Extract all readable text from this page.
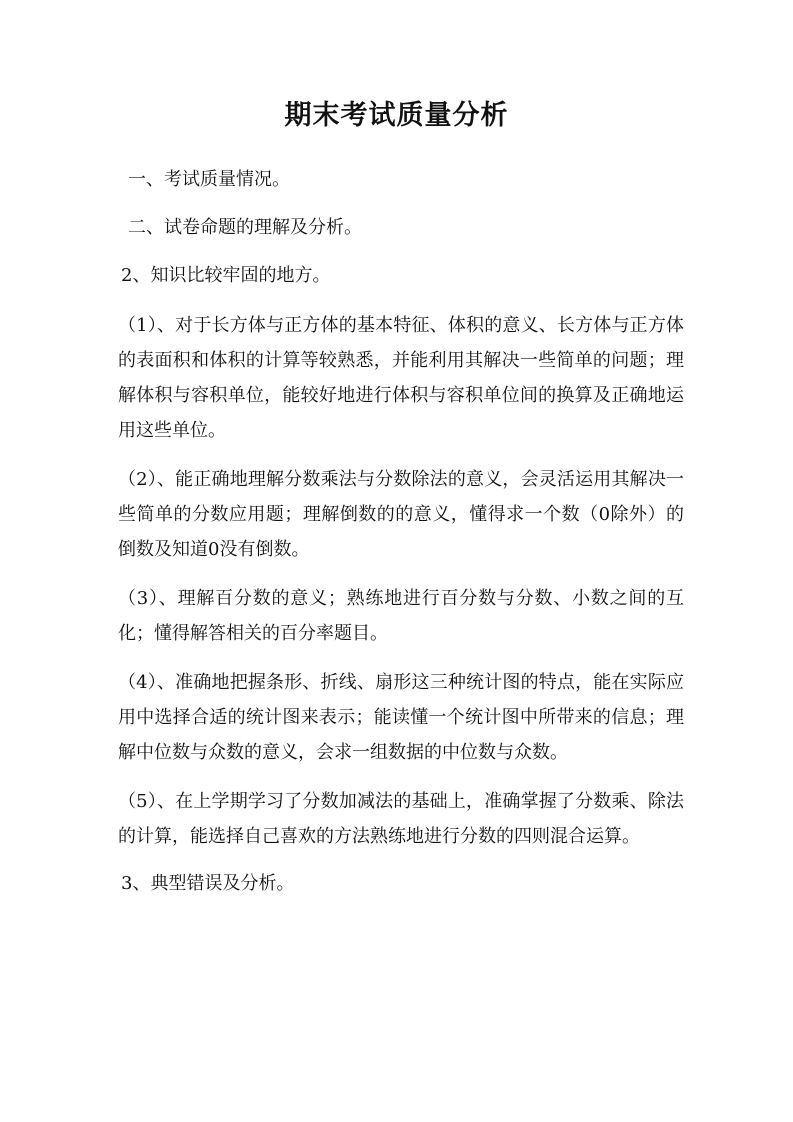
期末考试质量分析

一、考试质量情况。

二、试卷命题的理解及分析。

2、知识比较牢固的地方。

（1）、对于长方体与正方体的基本特征、体积的意义、长方体与正方体的表面积和体积的计算等较熟悉，并能利用其解决一些简单的问题；理解体积与容积单位，能较好地进行体积与容积单位间的换算及正确地运用这些单位。

（2）、能正确地理解分数乘法与分数除法的意义，会灵活运用其解决一些简单的分数应用题；理解倒数的的意义，懂得求一个数（0除外）的倒数及知道0没有倒数。

（3）、理解百分数的意义；熟练地进行百分数与分数、小数之间的互化；懂得解答相关的百分率题目。

（4）、准确地把握条形、折线、扇形这三种统计图的特点，能在实际应用中选择合适的统计图来表示；能读懂一个统计图中所带来的信息；理解中位数与众数的意义，会求一组数据的中位数与众数。

（5）、在上学期学习了分数加减法的基础上，准确掌握了分数乘、除法的计算，能选择自己喜欢的方法熟练地进行分数的四则混合运算。

3、典型错误及分析。
